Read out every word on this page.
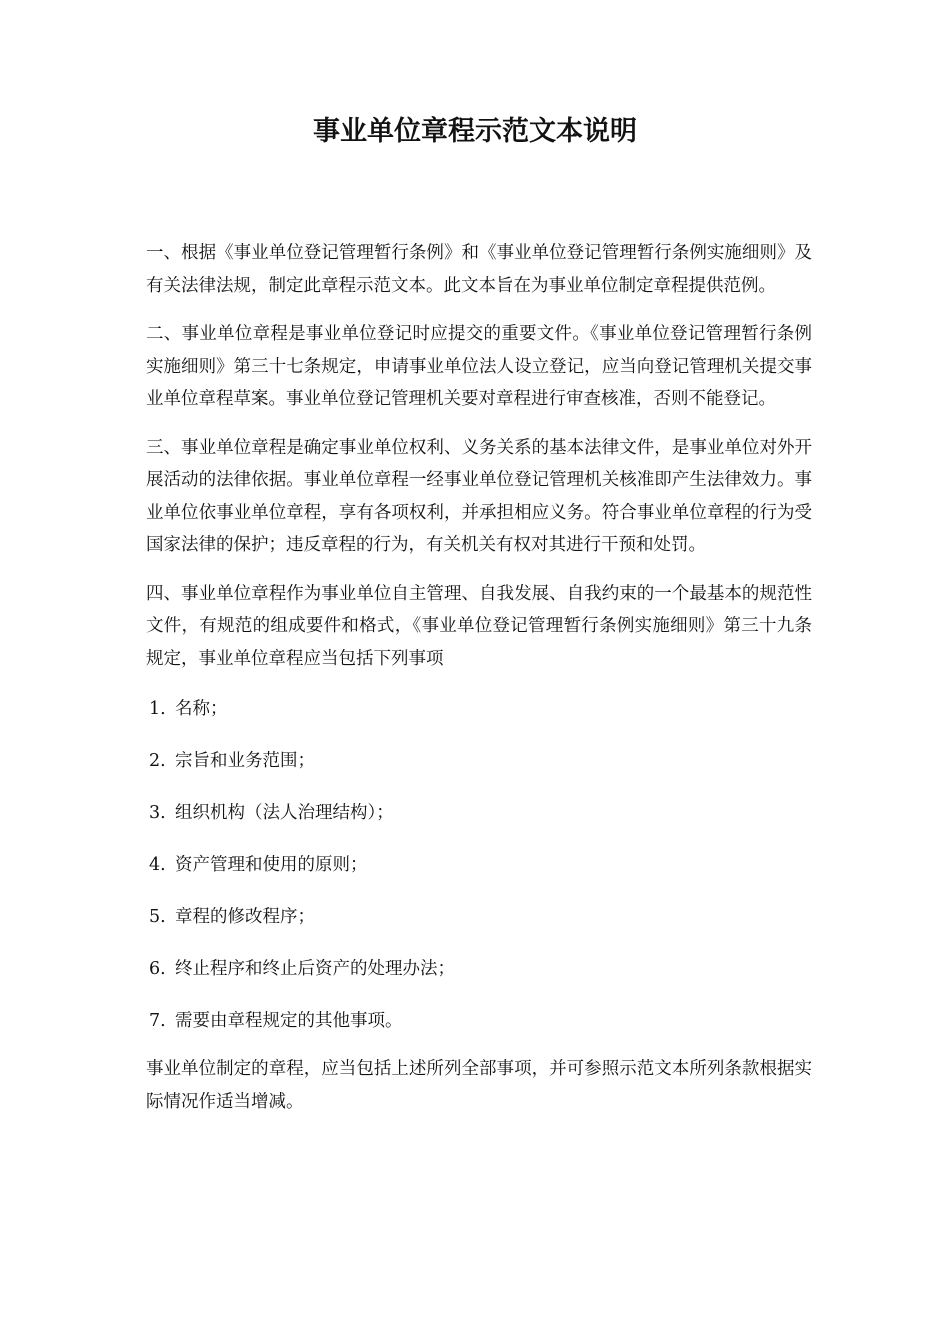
事业单位章程示范文本说明

一、根据《事业单位登记管理暂行条例》和《事业单位登记管理暂行条例实施细则》及有关法律法规，制定此章程示范文本。此文本旨在为事业单位制定章程提供范例。

二、事业单位章程是事业单位登记时应提交的重要文件。《事业单位登记管理暂行条例实施细则》第三十七条规定，申请事业单位法人设立登记，应当向登记管理机关提交事业单位章程草案。事业单位登记管理机关要对章程进行审查核准，否则不能登记。

三、事业单位章程是确定事业单位权利、义务关系的基本法律文件，是事业单位对外开展活动的法律依据。事业单位章程一经事业单位登记管理机关核准即产生法律效力。事业单位依事业单位章程，享有各项权利，并承担相应义务。符合事业单位章程的行为受国家法律的保护；违反章程的行为，有关机关有权对其进行干预和处罚。

四、事业单位章程作为事业单位自主管理、自我发展、自我约束的一个最基本的规范性文件，有规范的组成要件和格式，《事业单位登记管理暂行条例实施细则》第三十九条规定，事业单位章程应当包括下列事项

1. 名称；
2. 宗旨和业务范围；
3. 组织机构（法人治理结构）；
4. 资产管理和使用的原则；
5. 章程的修改程序；
6. 终止程序和终止后资产的处理办法；
7. 需要由章程规定的其他事项。

事业单位制定的章程，应当包括上述所列全部事项，并可参照示范文本所列条款根据实际情况作适当增减。
